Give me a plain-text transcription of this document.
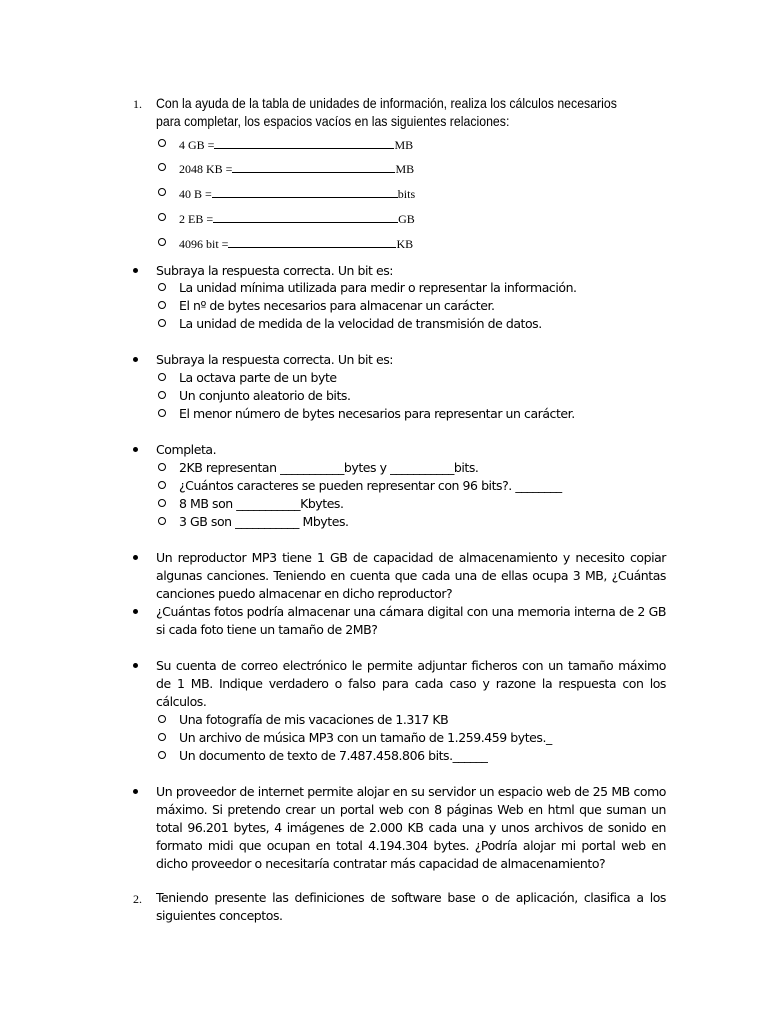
1. Con la ayuda de la tabla de unidades de información, realiza los cálculos necesarios
para completar, los espacios vacíos en las siguientes relaciones:
4 GB =	MB
2048 KB =	MB
40 B =	bits
2 EB =	GB
4096 bit =	KB
Subraya la respuesta correcta. Un bit es:
La unidad mínima utilizada para medir o representar la información.
El nº de bytes necesarios para almacenar un carácter.
La unidad de medida de la velocidad de transmisión de datos.
Subraya la respuesta correcta. Un bit es:
La octava parte de un byte
Un conjunto aleatorio de bits.
El menor número de bytes necesarios para representar un carácter.
Completa.
2KB representan ___________bytes y ___________bits.
¿Cuántos caracteres se pueden representar con 96 bits?. ________
8 MB son ___________Kbytes.
3 GB son ___________ Mbytes.
Un reproductor MP3 tiene 1 GB de capacidad de almacenamiento y necesito copiar algunas canciones. Teniendo en cuenta que cada una de ellas ocupa 3 MB, ¿Cuántas canciones puedo almacenar en dicho reproductor?
¿Cuántas fotos podría almacenar una cámara digital con una memoria interna de 2 GB si cada foto tiene un tamaño de 2MB?
Su cuenta de correo electrónico le permite adjuntar ficheros con un tamaño máximo de 1 MB. Indique verdadero o falso para cada caso y razone la respuesta con los cálculos.
Una fotografía de mis vacaciones de 1.317 KB
Un archivo de música MP3 con un tamaño de 1.259.459 bytes._
Un documento de texto de 7.487.458.806 bits.______
Un proveedor de internet permite alojar en su servidor un espacio web de 25 MB como máximo. Si pretendo crear un portal web con 8 páginas Web en html que suman un total 96.201 bytes, 4 imágenes de 2.000 KB cada una y unos archivos de sonido en formato midi que ocupan en total 4.194.304 bytes. ¿Podría alojar mi portal web en dicho proveedor o necesitaría contratar más capacidad de almacenamiento?
2. Teniendo presente las definiciones de software base o de aplicación, clasifica a los siguientes conceptos.
